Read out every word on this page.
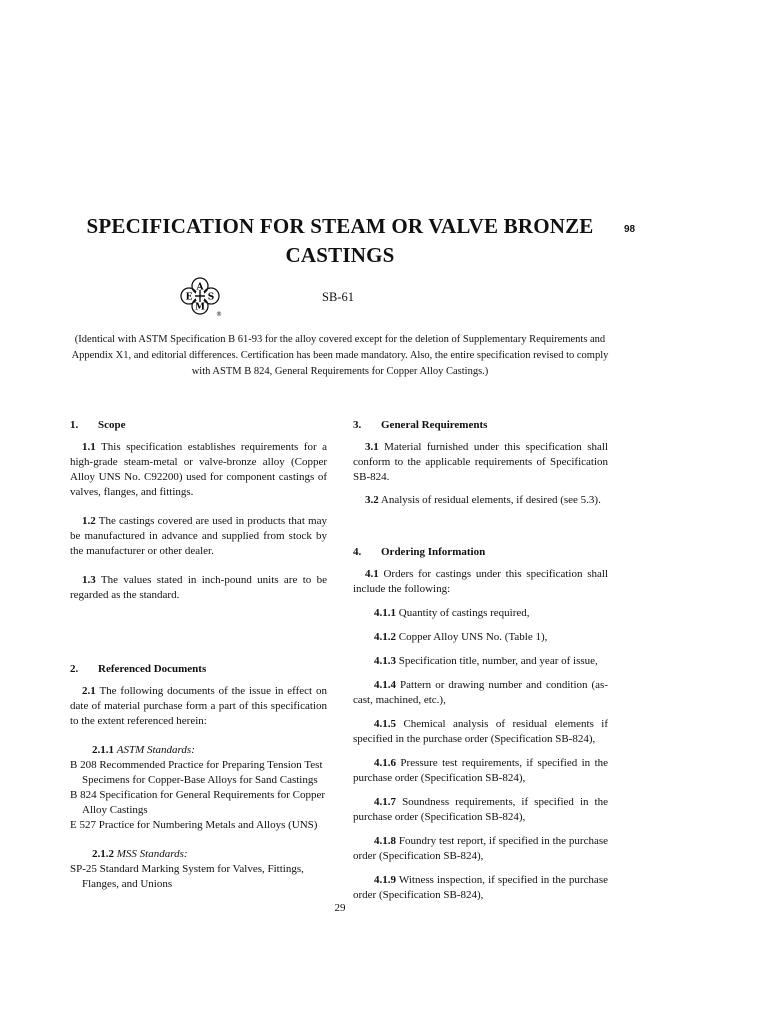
SPECIFICATION FOR STEAM OR VALVE BRONZE
CASTINGS
98
A
E S
M
®
SB-61
(Identical with ASTM Specification B 61-93 for the alloy covered except for the deletion of Supplementary Requirements and
Appendix X1, and editorial differences. Certification has been made mandatory. Also, the entire specification revised to comply
with ASTM B 824, General Requirements for Copper Alloy Castings.)

1. Scope

1.1 This specification establishes requirements for a high-grade steam-metal or valve-bronze alloy (Copper Alloy UNS No. C92200) used for component castings of valves, flanges, and fittings.

1.2 The castings covered are used in products that may be manufactured in advance and supplied from stock by the manufacturer or other dealer.

1.3 The values stated in inch-pound units are to be regarded as the standard.

2. Referenced Documents

2.1 The following documents of the issue in effect on date of material purchase form a part of this specification to the extent referenced herein:

2.1.1 ASTM Standards:

B 208 Recommended Practice for Preparing Tension Test Specimens for Copper-Base Alloys for Sand Castings

B 824 Specification for General Requirements for Copper Alloy Castings

E 527 Practice for Numbering Metals and Alloys (UNS)

2.1.2 MSS Standards:

SP-25 Standard Marking System for Valves, Fittings, Flanges, and Unions

3. General Requirements

3.1 Material furnished under this specification shall conform to the applicable requirements of Specification SB-824.

3.2 Analysis of residual elements, if desired (see 5.3).

4. Ordering Information

4.1 Orders for castings under this specification shall include the following:

4.1.1 Quantity of castings required,

4.1.2 Copper Alloy UNS No. (Table 1),

4.1.3 Specification title, number, and year of issue,

4.1.4 Pattern or drawing number and condition (as-cast, machined, etc.),

4.1.5 Chemical analysis of residual elements if specified in the purchase order (Specification SB-824),

4.1.6 Pressure test requirements, if specified in the purchase order (Specification SB-824),

4.1.7 Soundness requirements, if specified in the purchase order (Specification SB-824),

4.1.8 Foundry test report, if specified in the purchase order (Specification SB-824),

4.1.9 Witness inspection, if specified in the purchase order (Specification SB-824),

29
